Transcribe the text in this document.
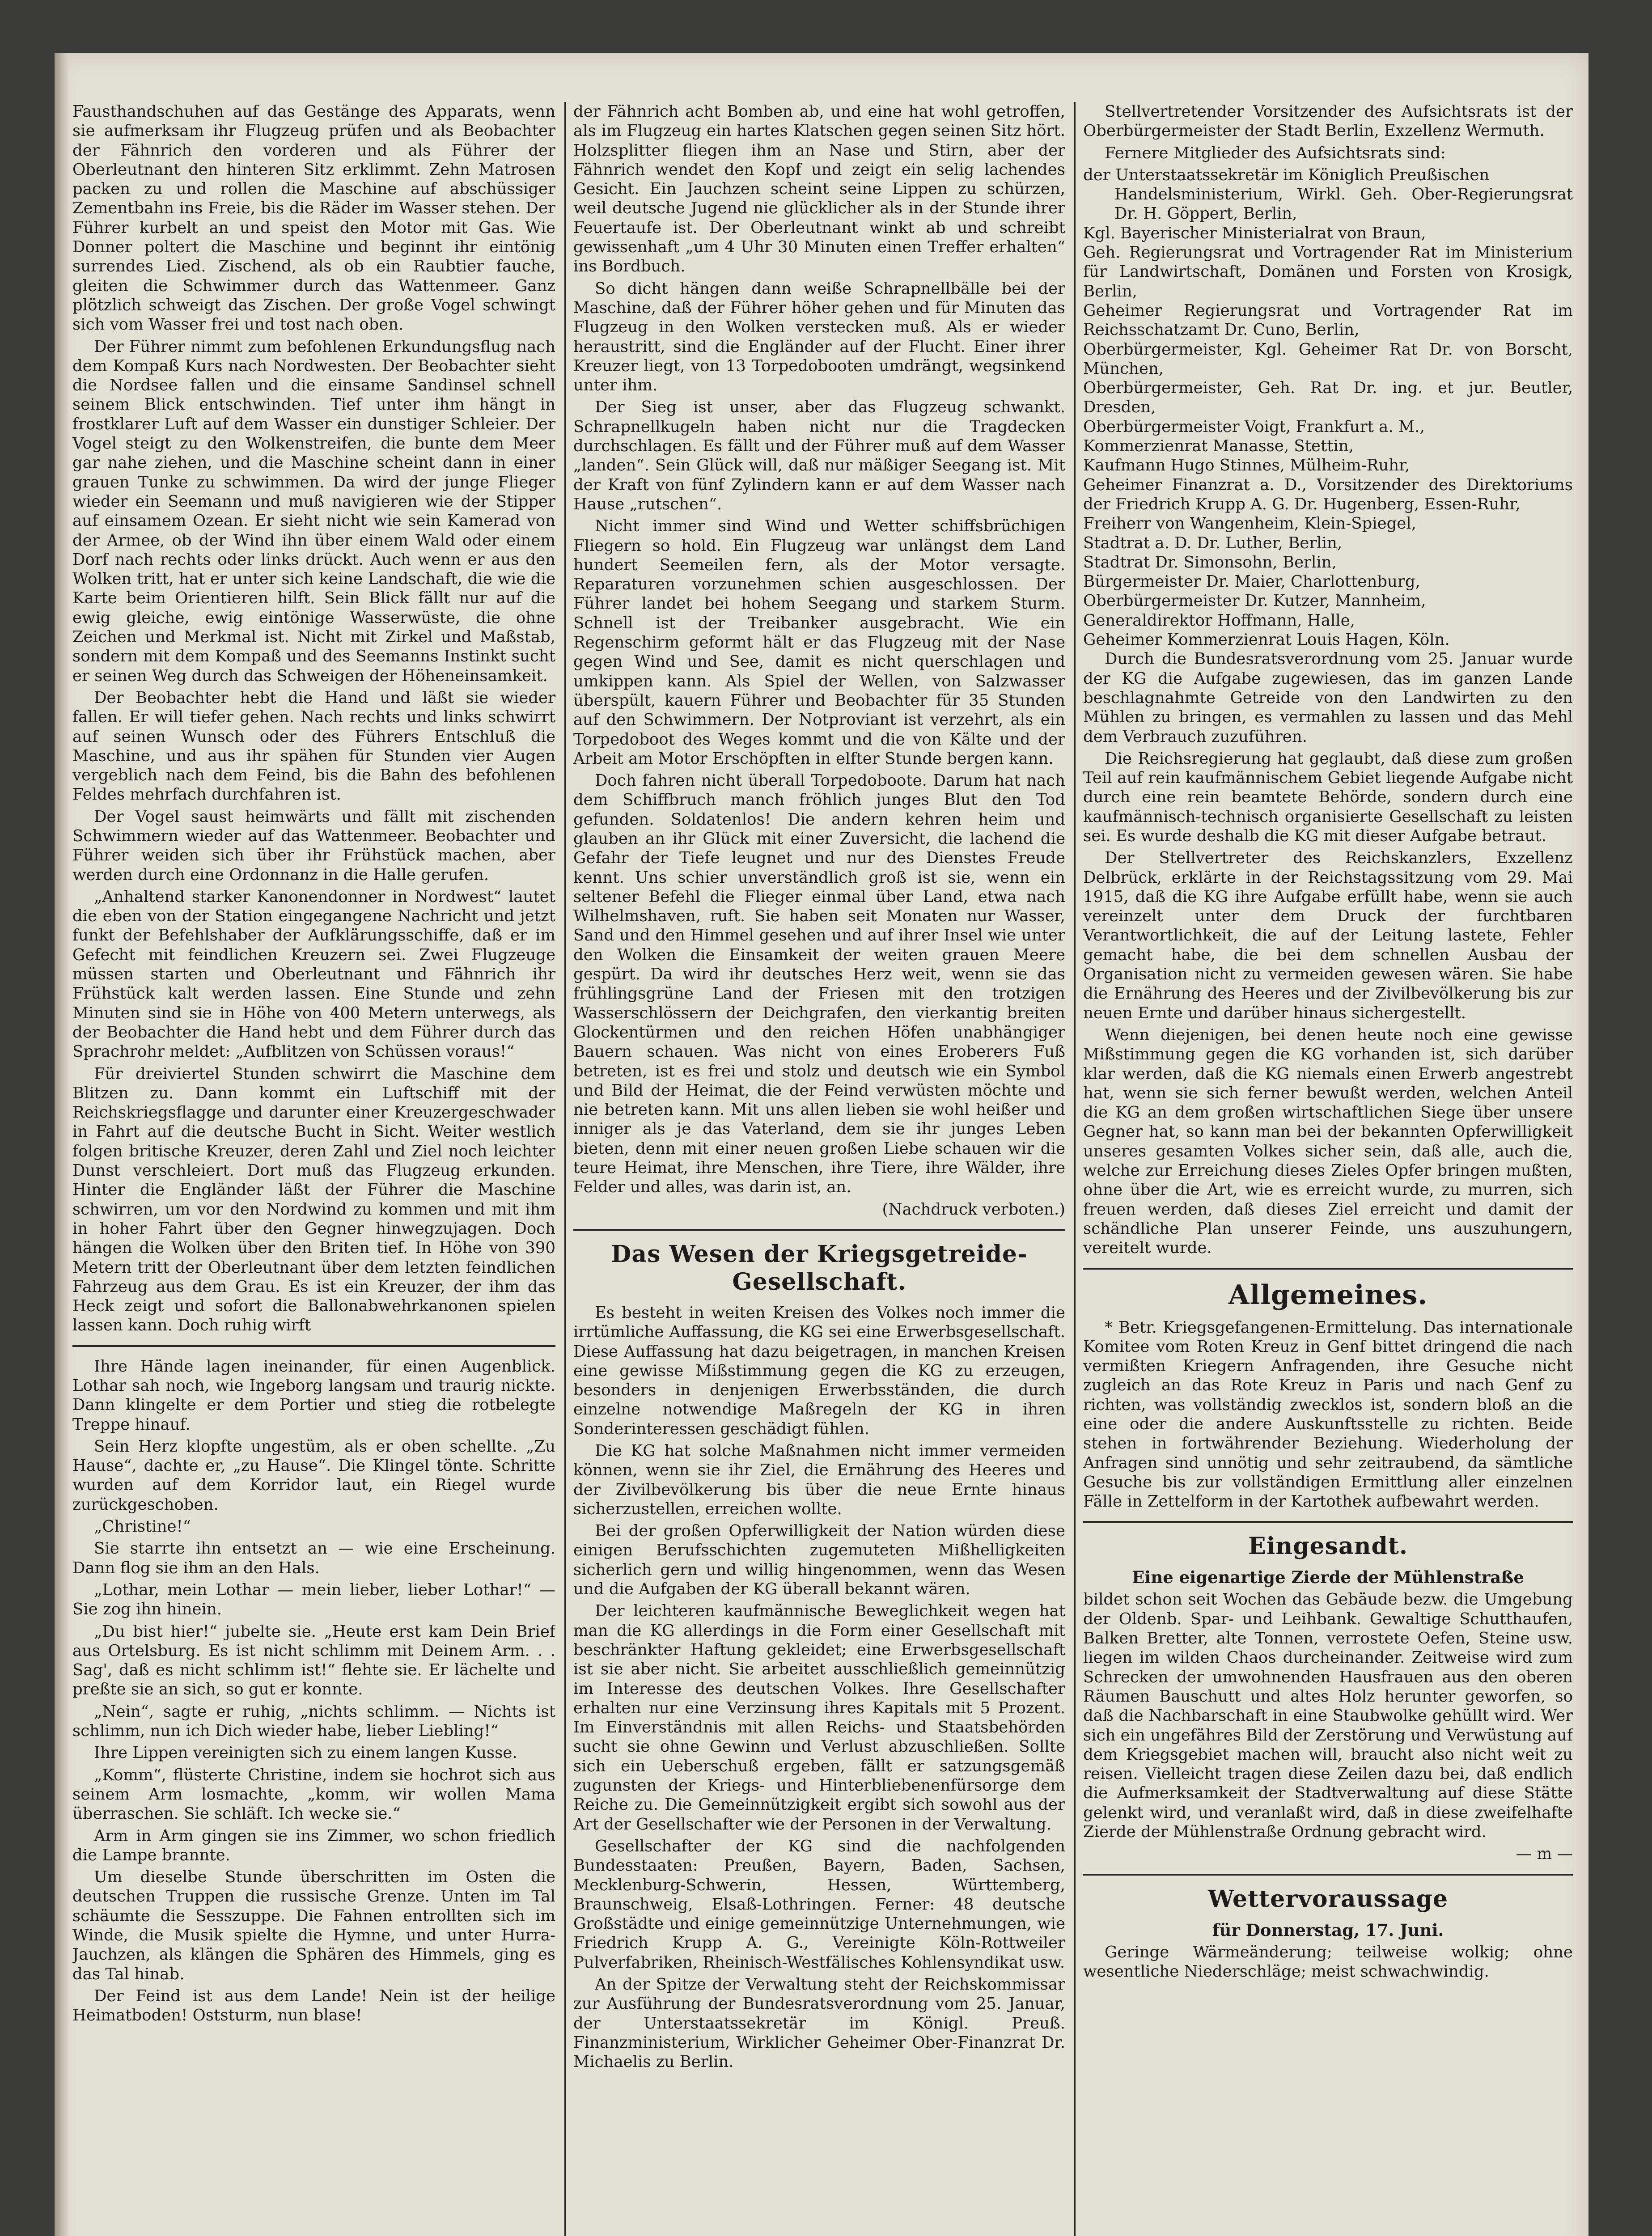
Fausthandschuhen auf das Gestänge des Apparats, wenn sie aufmerksam ihr Flugzeug prüfen und als Beobachter der Fähnrich den vorderen und als Führer der Oberleutnant den hinteren Sitz erklimmt. Zehn Matrosen packen zu und rollen die Maschine auf abschüssiger Zementbahn ins Freie, bis die Räder im Wasser stehen. Der Führer kurbelt an und speist den Motor mit Gas. Wie Donner poltert die Maschine und beginnt ihr eintönig surrendes Lied. Zischend, als ob ein Raubtier fauche, gleiten die Schwimmer durch das Wattenmeer. Ganz plötzlich schweigt das Zischen. Der große Vogel schwingt sich vom Wasser frei und tost nach oben.

Der Führer nimmt zum befohlenen Erkundungsflug nach dem Kompaß Kurs nach Nordwesten. Der Beobachter sieht die Nordsee fallen und die einsame Sandinsel schnell seinem Blick entschwinden. Tief unter ihm hängt in frostklarer Luft auf dem Wasser ein dunstiger Schleier. Der Vogel steigt zu den Wolkenstreifen, die bunte dem Meer gar nahe ziehen, und die Maschine scheint dann in einer grauen Tunke zu schwimmen. Da wird der junge Flieger wieder ein Seemann und muß navigieren wie der Stipper auf einsamem Ozean. Er sieht nicht wie sein Kamerad von der Armee, ob der Wind ihn über einem Wald oder einem Dorf nach rechts oder links drückt. Auch wenn er aus den Wolken tritt, hat er unter sich keine Landschaft, die wie die Karte beim Orientieren hilft. Sein Blick fällt nur auf die ewig gleiche, ewig eintönige Wasserwüste, die ohne Zeichen und Merkmal ist. Nicht mit Zirkel und Maßstab, sondern mit dem Kompaß und des Seemanns Instinkt sucht er seinen Weg durch das Schweigen der Höheneinsamkeit.

Der Beobachter hebt die Hand und läßt sie wieder fallen. Er will tiefer gehen. Nach rechts und links schwirrt auf seinen Wunsch oder des Führers Entschluß die Maschine, und aus ihr spähen für Stunden vier Augen vergeblich nach dem Feind, bis die Bahn des befohlenen Feldes mehrfach durchfahren ist.

Der Vogel saust heimwärts und fällt mit zischenden Schwimmern wieder auf das Wattenmeer. Beobachter und Führer weiden sich über ihr Frühstück machen, aber werden durch eine Ordonnanz in die Halle gerufen.

„Anhaltend starker Kanonendonner in Nordwest“ lautet die eben von der Station eingegangene Nachricht und jetzt funkt der Befehlshaber der Aufklärungsschiffe, daß er im Gefecht mit feindlichen Kreuzern sei. Zwei Flugzeuge müssen starten und Oberleutnant und Fähnrich ihr Frühstück kalt werden lassen. Eine Stunde und zehn Minuten sind sie in Höhe von 400 Metern unterwegs, als der Beobachter die Hand hebt und dem Führer durch das Sprachrohr meldet: „Aufblitzen von Schüssen voraus!“

Für dreiviertel Stunden schwirrt die Maschine dem Blitzen zu. Dann kommt ein Luftschiff mit der Reichskriegsflagge und darunter einer Kreuzergeschwader in Fahrt auf die deutsche Bucht in Sicht. Weiter westlich folgen britische Kreuzer, deren Zahl und Ziel noch leichter Dunst verschleiert. Dort muß das Flugzeug erkunden. Hinter die Engländer läßt der Führer die Maschine schwirren, um vor den Nordwind zu kommen und mit ihm in hoher Fahrt über den Gegner hinwegzujagen. Doch hängen die Wolken über den Briten tief. In Höhe von 390 Metern tritt der Oberleutnant über dem letzten feindlichen Fahrzeug aus dem Grau. Es ist ein Kreuzer, der ihm das Heck zeigt und sofort die Ballonabwehrkanonen spielen lassen kann. Doch ruhig wirft

Ihre Hände lagen ineinander, für einen Augenblick. Lothar sah noch, wie Ingeborg langsam und traurig nickte. Dann klingelte er dem Portier und stieg die rotbelegte Treppe hinauf.

Sein Herz klopfte ungestüm, als er oben schellte. „Zu Hause“, dachte er, „zu Hause“. Die Klingel tönte. Schritte wurden auf dem Korridor laut, ein Riegel wurde zurückgeschoben.

„Christine!“

Sie starrte ihn entsetzt an — wie eine Erscheinung. Dann flog sie ihm an den Hals.

„Lothar, mein Lothar — mein lieber, lieber Lothar!“ — Sie zog ihn hinein.

„Du bist hier!“ jubelte sie. „Heute erst kam Dein Brief aus Ortelsburg. Es ist nicht schlimm mit Deinem Arm. . . Sag', daß es nicht schlimm ist!“ flehte sie. Er lächelte und preßte sie an sich, so gut er konnte.

„Nein“, sagte er ruhig, „nichts schlimm. — Nichts ist schlimm, nun ich Dich wieder habe, lieber Liebling!“

Ihre Lippen vereinigten sich zu einem langen Kusse.

„Komm“, flüsterte Christine, indem sie hochrot sich aus seinem Arm losmachte, „komm, wir wollen Mama überraschen. Sie schläft. Ich wecke sie.“

Arm in Arm gingen sie ins Zimmer, wo schon friedlich die Lampe brannte.

Um dieselbe Stunde überschritten im Osten die deutschen Truppen die russische Grenze. Unten im Tal schäumte die Sesszuppe. Die Fahnen entrollten sich im Winde, die Musik spielte die Hymne, und unter Hurra-Jauchzen, als klängen die Sphären des Himmels, ging es das Tal hinab.

Der Feind ist aus dem Lande! Nein ist der heilige Heimatboden! Oststurm, nun blase!

der Fähnrich acht Bomben ab, und eine hat wohl getroffen, als im Flugzeug ein hartes Klatschen gegen seinen Sitz hört. Holzsplitter fliegen ihm an Nase und Stirn, aber der Fähnrich wendet den Kopf und zeigt ein selig lachendes Gesicht. Ein Jauchzen scheint seine Lippen zu schürzen, weil deutsche Jugend nie glücklicher als in der Stunde ihrer Feuertaufe ist. Der Oberleutnant winkt ab und schreibt gewissenhaft „um 4 Uhr 30 Minuten einen Treffer erhalten“ ins Bordbuch.

So dicht hängen dann weiße Schrapnellbälle bei der Maschine, daß der Führer höher gehen und für Minuten das Flugzeug in den Wolken verstecken muß. Als er wieder heraustritt, sind die Engländer auf der Flucht. Einer ihrer Kreuzer liegt, von 13 Torpedobooten umdrängt, wegsinkend unter ihm.

Der Sieg ist unser, aber das Flugzeug schwankt. Schrapnellkugeln haben nicht nur die Tragdecken durchschlagen. Es fällt und der Führer muß auf dem Wasser „landen“. Sein Glück will, daß nur mäßiger Seegang ist. Mit der Kraft von fünf Zylindern kann er auf dem Wasser nach Hause „rutschen“.

Nicht immer sind Wind und Wetter schiffsbrüchigen Fliegern so hold. Ein Flugzeug war unlängst dem Land hundert Seemeilen fern, als der Motor versagte. Reparaturen vorzunehmen schien ausgeschlossen. Der Führer landet bei hohem Seegang und starkem Sturm. Schnell ist der Treibanker ausgebracht. Wie ein Regenschirm geformt hält er das Flugzeug mit der Nase gegen Wind und See, damit es nicht querschlagen und umkippen kann. Als Spiel der Wellen, von Salzwasser überspült, kauern Führer und Beobachter für 35 Stunden auf den Schwimmern. Der Notproviant ist verzehrt, als ein Torpedoboot des Weges kommt und die von Kälte und der Arbeit am Motor Erschöpften in elfter Stunde bergen kann.

Doch fahren nicht überall Torpedoboote. Darum hat nach dem Schiffbruch manch fröhlich junges Blut den Tod gefunden. Soldatenlos! Die andern kehren heim und glauben an ihr Glück mit einer Zuversicht, die lachend die Gefahr der Tiefe leugnet und nur des Dienstes Freude kennt. Uns schier unverständlich groß ist sie, wenn ein seltener Befehl die Flieger einmal über Land, etwa nach Wilhelmshaven, ruft. Sie haben seit Monaten nur Wasser, Sand und den Himmel gesehen und auf ihrer Insel wie unter den Wolken die Einsamkeit der weiten grauen Meere gespürt. Da wird ihr deutsches Herz weit, wenn sie das frühlingsgrüne Land der Friesen mit den trotzigen Wasserschlössern der Deichgrafen, den vierkantig breiten Glockentürmen und den reichen Höfen unabhängiger Bauern schauen. Was nicht von eines Eroberers Fuß betreten, ist es frei und stolz und deutsch wie ein Symbol und Bild der Heimat, die der Feind verwüsten möchte und nie betreten kann. Mit uns allen lieben sie wohl heißer und inniger als je das Vaterland, dem sie ihr junges Leben bieten, denn mit einer neuen großen Liebe schauen wir die teure Heimat, ihre Menschen, ihre Tiere, ihre Wälder, ihre Felder und alles, was darin ist, an.

(Nachdruck verboten.)

Das Wesen der Kriegsgetreide-Gesellschaft.

Es besteht in weiten Kreisen des Volkes noch immer die irrtümliche Auffassung, die KG sei eine Erwerbsgesellschaft. Diese Auffassung hat dazu beigetragen, in manchen Kreisen eine gewisse Mißstimmung gegen die KG zu erzeugen, besonders in denjenigen Erwerbsständen, die durch einzelne notwendige Maßregeln der KG in ihren Sonderinteressen geschädigt fühlen.

Die KG hat solche Maßnahmen nicht immer vermeiden können, wenn sie ihr Ziel, die Ernährung des Heeres und der Zivilbevölkerung bis über die neue Ernte hinaus sicherzustellen, erreichen wollte.

Bei der großen Opferwilligkeit der Nation würden diese einigen Berufsschichten zugemuteten Mißhelligkeiten sicherlich gern und willig hingenommen, wenn das Wesen und die Aufgaben der KG überall bekannt wären.

Der leichteren kaufmännische Beweglichkeit wegen hat man die KG allerdings in die Form einer Gesellschaft mit beschränkter Haftung gekleidet; eine Erwerbsgesellschaft ist sie aber nicht. Sie arbeitet ausschließlich gemeinnützig im Interesse des deutschen Volkes. Ihre Gesellschafter erhalten nur eine Verzinsung ihres Kapitals mit 5 Prozent. Im Einverständnis mit allen Reichs- und Staatsbehörden sucht sie ohne Gewinn und Verlust abzuschließen. Sollte sich ein Ueberschuß ergeben, fällt er satzungsgemäß zugunsten der Kriegs- und Hinterbliebenenfürsorge dem Reiche zu. Die Gemeinnützigkeit ergibt sich sowohl aus der Art der Gesellschafter wie der Personen in der Verwaltung.

Gesellschafter der KG sind die nachfolgenden Bundesstaaten: Preußen, Bayern, Baden, Sachsen, Mecklenburg-Schwerin, Hessen, Württemberg, Braunschweig, Elsaß-Lothringen. Ferner: 48 deutsche Großstädte und einige gemeinnützige Unternehmungen, wie Friedrich Krupp A. G., Vereinigte Köln-Rottweiler Pulverfabriken, Rheinisch-Westfälisches Kohlensyndikat usw.

An der Spitze der Verwaltung steht der Reichskommissar zur Ausführung der Bundesratsverordnung vom 25. Januar, der Unterstaatssekretär im Königl. Preuß. Finanzministerium, Wirklicher Geheimer Ober-Finanzrat Dr. Michaelis zu Berlin.

Stellvertretender Vorsitzender des Aufsichtsrats ist der Oberbürgermeister der Stadt Berlin, Exzellenz Wermuth.

Fernere Mitglieder des Aufsichtsrats sind:

der Unterstaatssekretär im Königlich Preußischen

Handelsministerium, Wirkl. Geh. Ober-Regierungsrat Dr. H. Göppert, Berlin,

Kgl. Bayerischer Ministerialrat von Braun,

Geh. Regierungsrat und Vortragender Rat im Ministerium für Landwirtschaft, Domänen und Forsten von Krosigk, Berlin,

Geheimer Regierungsrat und Vortragender Rat im Reichsschatzamt Dr. Cuno, Berlin,

Oberbürgermeister, Kgl. Geheimer Rat Dr. von Borscht, München,

Oberbürgermeister, Geh. Rat Dr. ing. et jur. Beutler, Dresden,

Oberbürgermeister Voigt, Frankfurt a. M.,

Kommerzienrat Manasse, Stettin,

Kaufmann Hugo Stinnes, Mülheim-Ruhr,

Geheimer Finanzrat a. D., Vorsitzender des Direktoriums der Friedrich Krupp A. G. Dr. Hugenberg, Essen-Ruhr,

Freiherr von Wangenheim, Klein-Spiegel,

Stadtrat a. D. Dr. Luther, Berlin,

Stadtrat Dr. Simonsohn, Berlin,

Bürgermeister Dr. Maier, Charlottenburg,

Oberbürgermeister Dr. Kutzer, Mannheim,

Generaldirektor Hoffmann, Halle,

Geheimer Kommerzienrat Louis Hagen, Köln.

Durch die Bundesratsverordnung vom 25. Januar wurde der KG die Aufgabe zugewiesen, das im ganzen Lande beschlagnahmte Getreide von den Landwirten zu den Mühlen zu bringen, es vermahlen zu lassen und das Mehl dem Verbrauch zuzuführen.

Die Reichsregierung hat geglaubt, daß diese zum großen Teil auf rein kaufmännischem Gebiet liegende Aufgabe nicht durch eine rein beamtete Behörde, sondern durch eine kaufmännisch-technisch organisierte Gesellschaft zu leisten sei. Es wurde deshalb die KG mit dieser Aufgabe betraut.

Der Stellvertreter des Reichskanzlers, Exzellenz Delbrück, erklärte in der Reichstagssitzung vom 29. Mai 1915, daß die KG ihre Aufgabe erfüllt habe, wenn sie auch vereinzelt unter dem Druck der furchtbaren Verantwortlichkeit, die auf der Leitung lastete, Fehler gemacht habe, die bei dem schnellen Ausbau der Organisation nicht zu vermeiden gewesen wären. Sie habe die Ernährung des Heeres und der Zivilbevölkerung bis zur neuen Ernte und darüber hinaus sichergestellt.

Wenn diejenigen, bei denen heute noch eine gewisse Mißstimmung gegen die KG vorhanden ist, sich darüber klar werden, daß die KG niemals einen Erwerb angestrebt hat, wenn sie sich ferner bewußt werden, welchen Anteil die KG an dem großen wirtschaftlichen Siege über unsere Gegner hat, so kann man bei der bekannten Opferwilligkeit unseres gesamten Volkes sicher sein, daß alle, auch die, welche zur Erreichung dieses Zieles Opfer bringen mußten, ohne über die Art, wie es erreicht wurde, zu murren, sich freuen werden, daß dieses Ziel erreicht und damit der schändliche Plan unserer Feinde, uns auszuhungern, vereitelt wurde.

Allgemeines.

* Betr. Kriegsgefangenen-Ermittelung. Das internationale Komitee vom Roten Kreuz in Genf bittet dringend die nach vermißten Kriegern Anfragenden, ihre Gesuche nicht zugleich an das Rote Kreuz in Paris und nach Genf zu richten, was vollständig zwecklos ist, sondern bloß an die eine oder die andere Auskunftsstelle zu richten. Beide stehen in fortwährender Beziehung. Wiederholung der Anfragen sind unnötig und sehr zeitraubend, da sämtliche Gesuche bis zur vollständigen Ermittlung aller einzelnen Fälle in Zettelform in der Kartothek aufbewahrt werden.

Eingesandt.
Eine eigenartige Zierde der Mühlenstraße

bildet schon seit Wochen das Gebäude bezw. die Umgebung der Oldenb. Spar- und Leihbank. Gewaltige Schutthaufen, Balken Bretter, alte Tonnen, verrostete Oefen, Steine usw. liegen im wilden Chaos durcheinander. Zeitweise wird zum Schrecken der umwohnenden Hausfrauen aus den oberen Räumen Bauschutt und altes Holz herunter geworfen, so daß die Nachbarschaft in eine Staubwolke gehüllt wird. Wer sich ein ungefähres Bild der Zerstörung und Verwüstung auf dem Kriegsgebiet machen will, braucht also nicht weit zu reisen. Vielleicht tragen diese Zeilen dazu bei, daß endlich die Aufmerksamkeit der Stadtverwaltung auf diese Stätte gelenkt wird, und veranlaßt wird, daß in diese zweifelhafte Zierde der Mühlenstraße Ordnung gebracht wird.

— m —

Wettervoraussage
für Donnerstag, 17. Juni.

Geringe Wärmeänderung; teilweise wolkig; ohne wesentliche Niederschläge; meist schwachwindig.
